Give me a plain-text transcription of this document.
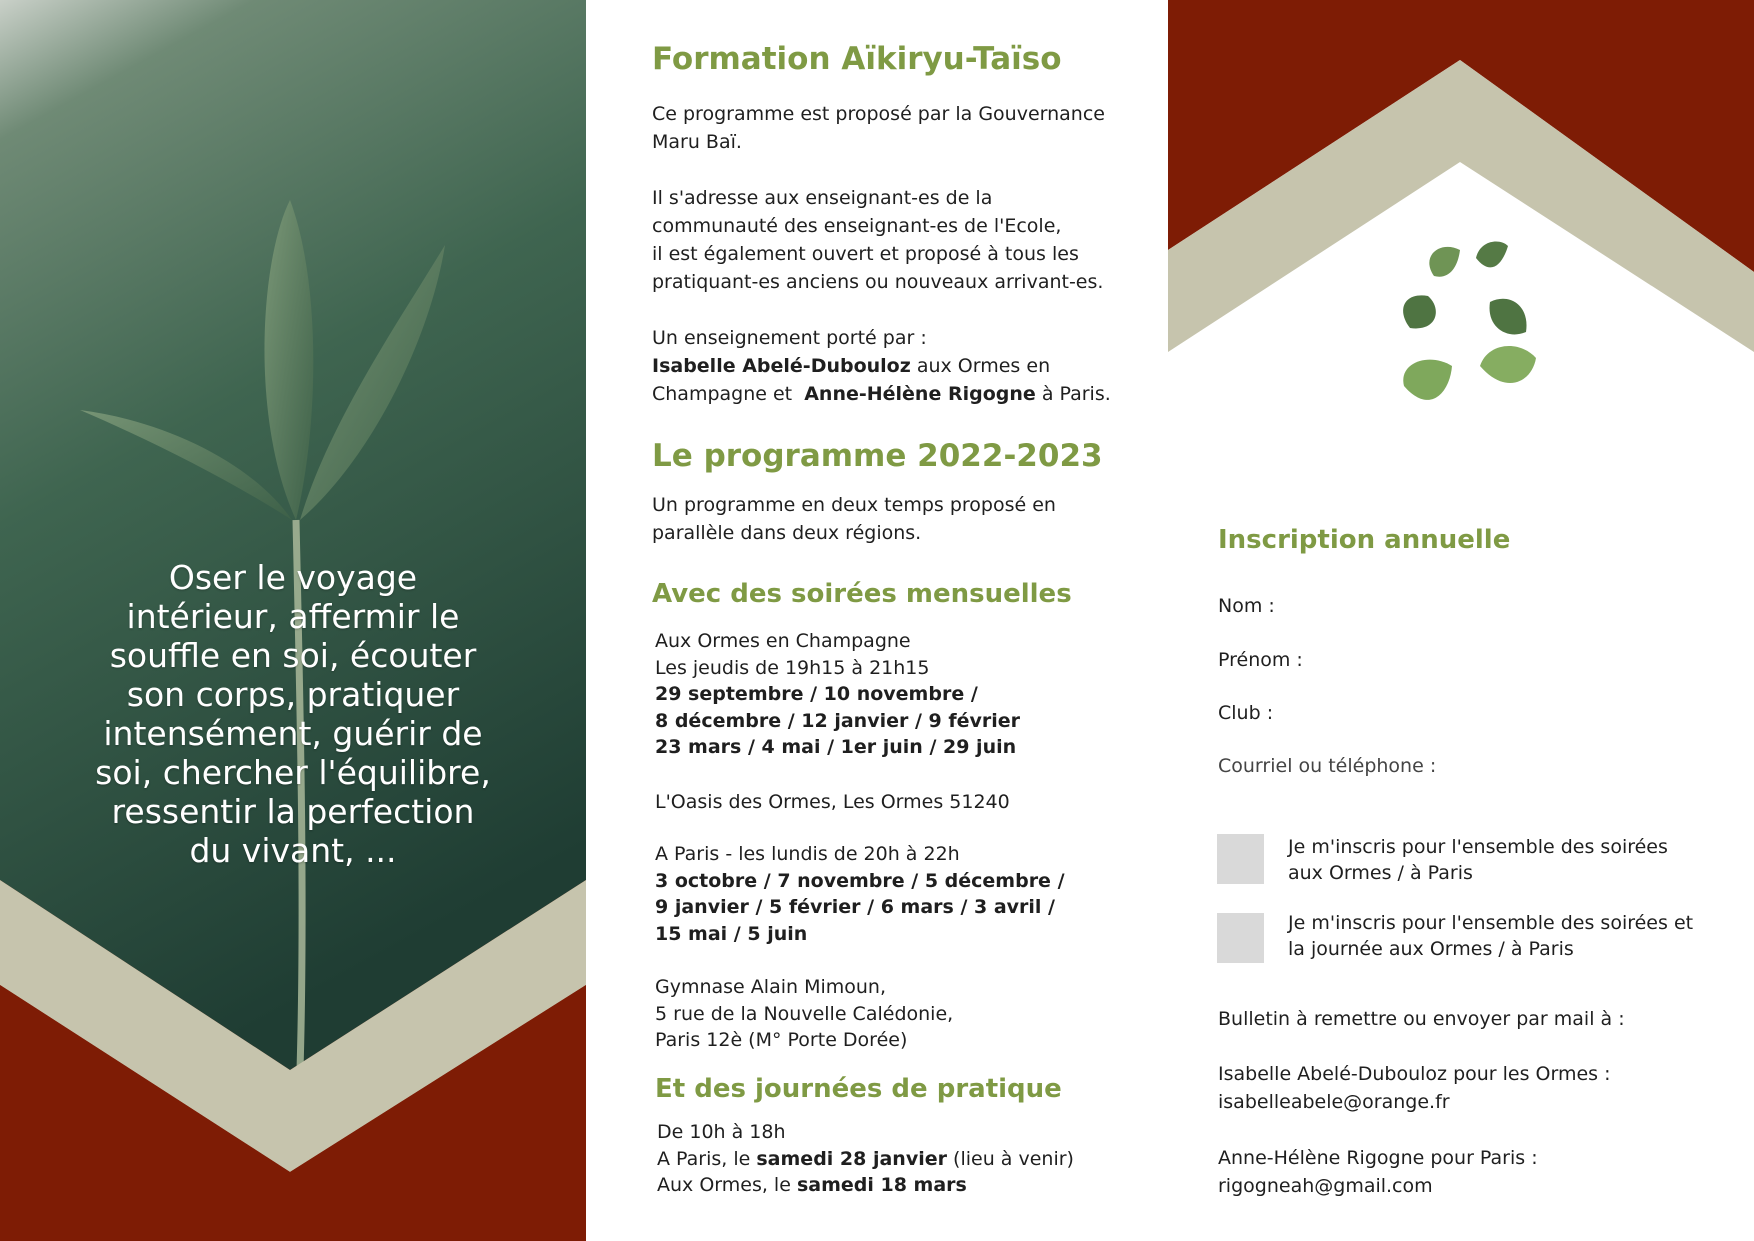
Oser le voyage
intérieur, affermir le
souffle en soi, écouter
son corps, pratiquer
intensément, guérir de
soi, chercher l'équilibre,
ressentir la perfection
du vivant, ...
Formation Aïkiryu-Taïso
Ce programme est proposé par la Gouvernance
Maru Baï.
Il s'adresse aux enseignant-es de la
communauté des enseignant-es de l'Ecole,
il est également ouvert et proposé à tous les
pratiquant-es anciens ou nouveaux arrivant-es.
Un enseignement porté par :
Isabelle Abelé-Dubouloz aux Ormes en
Champagne et  Anne-Hélène Rigogne à Paris.
Le programme 2022-2023
Un programme en deux temps proposé en
parallèle dans deux régions.
Avec des soirées mensuelles
Aux Ormes en Champagne
Les jeudis de 19h15 à 21h15
29 septembre / 10 novembre /
8 décembre / 12 janvier / 9 février
23 mars / 4 mai / 1er juin / 29 juin
L'Oasis des Ormes, Les Ormes 51240
A Paris - les lundis de 20h à 22h
3 octobre / 7 novembre / 5 décembre /
9 janvier / 5 février / 6 mars / 3 avril /
15 mai / 5 juin
Gymnase Alain Mimoun,
5 rue de la Nouvelle Calédonie,
Paris 12è (M° Porte Dorée)
Et des journées de pratique
De 10h à 18h
A Paris, le samedi 28 janvier (lieu à venir)
Aux Ormes, le samedi 18 mars
Inscription annuelle
Nom :
Prénom :
Club :
Courriel ou téléphone :
Je m'inscris pour l'ensemble des soirées
aux Ormes / à Paris
Je m'inscris pour l'ensemble des soirées et
la journée aux Ormes / à Paris
Bulletin à remettre ou envoyer par mail à :
Isabelle Abelé-Dubouloz pour les Ormes :
isabelleabele@orange.fr
Anne-Hélène Rigogne pour Paris :
rigogneah@gmail.com
